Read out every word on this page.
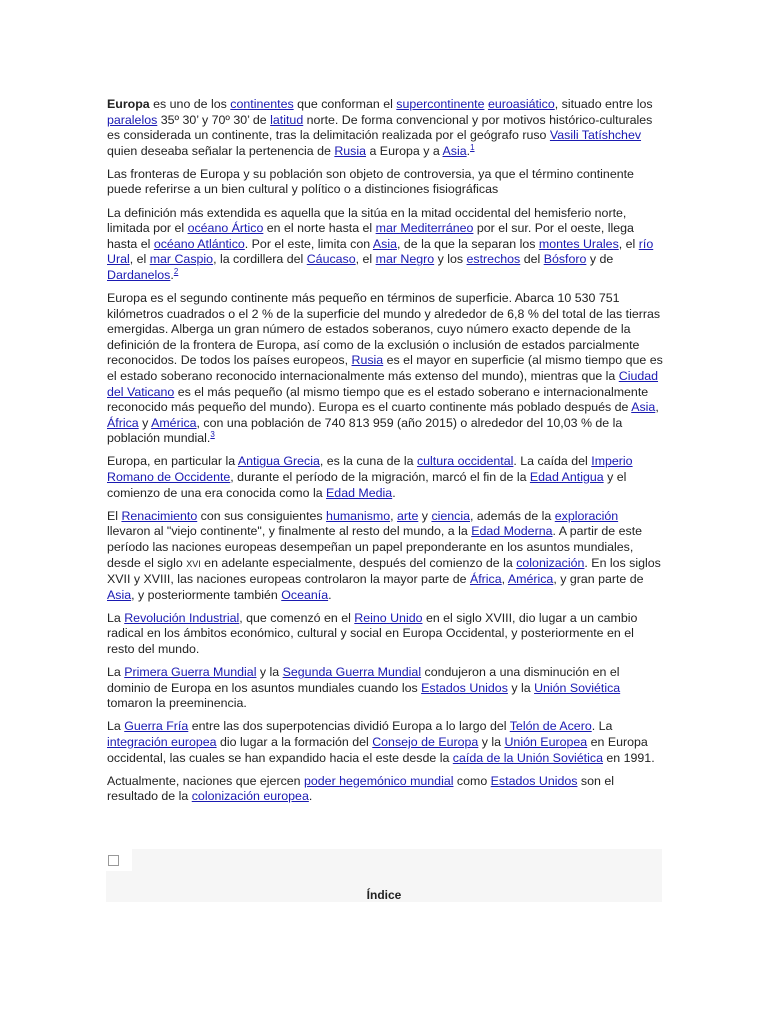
Europa es uno de los continentes que conforman el supercontinente euroasiático, situado entre los paralelos 35º 30’ y 70º 30’ de latitud norte. De forma convencional y por motivos histórico-culturales es considerada un continente, tras la delimitación realizada por el geógrafo ruso Vasili Tatíshchev quien deseaba señalar la pertenencia de Rusia a Europa y a Asia.$^1$

Las fronteras de Europa y su población son objeto de controversia, ya que el término continente puede referirse a un bien cultural y político o a distinciones fisiográficas

La definición más extendida es aquella que la sitúa en la mitad occidental del hemisferio norte, limitada por el océano Ártico en el norte hasta el mar Mediterráneo por el sur. Por el oeste, llega hasta el océano Atlántico. Por el este, limita con Asia, de la que la separan los montes Urales, el río Ural, el mar Caspio, la cordillera del Cáucaso, el mar Negro y los estrechos del Bósforo y de Dardanelos.$^2$

Europa es el segundo continente más pequeño en términos de superficie. Abarca 10 530 751 kilómetros cuadrados o el 2 % de la superficie del mundo y alrededor de 6,8 % del total de las tierras emergidas. Alberga un gran número de estados soberanos, cuyo número exacto depende de la definición de la frontera de Europa, así como de la exclusión o inclusión de estados parcialmente reconocidos. De todos los países europeos, Rusia es el mayor en superficie (al mismo tiempo que es el estado soberano reconocido internacionalmente más extenso del mundo), mientras que la Ciudad del Vaticano es el más pequeño (al mismo tiempo que es el estado soberano e internacionalmente reconocido más pequeño del mundo). Europa es el cuarto continente más poblado después de Asia, África y América, con una población de 740 813 959 (año 2015) o alrededor del 10,03 % de la población mundial.$^3$

Europa, en particular la Antigua Grecia, es la cuna de la cultura occidental. La caída del Imperio Romano de Occidente, durante el período de la migración, marcó el fin de la Edad Antigua y el comienzo de una era conocida como la Edad Media.

El Renacimiento con sus consiguientes humanismo, arte y ciencia, además de la exploración llevaron al "viejo continente", y finalmente al resto del mundo, a la Edad Moderna. A partir de este período las naciones europeas desempeñan un papel preponderante en los asuntos mundiales, desde el siglo XVI en adelante especialmente, después del comienzo de la colonización. En los siglos XVII y XVIII, las naciones europeas controlaron la mayor parte de África, América, y gran parte de Asia, y posteriormente también Oceanía.

La Revolución Industrial, que comenzó en el Reino Unido en el siglo XVIII, dio lugar a un cambio radical en los ámbitos económico, cultural y social en Europa Occidental, y posteriormente en el resto del mundo.

La Primera Guerra Mundial y la Segunda Guerra Mundial condujeron a una disminución en el dominio de Europa en los asuntos mundiales cuando los Estados Unidos y la Unión Soviética tomaron la preeminencia.

La Guerra Fría entre las dos superpotencias dividió Europa a lo largo del Telón de Acero. La integración europea dio lugar a la formación del Consejo de Europa y la Unión Europea en Europa occidental, las cuales se han expandido hacia el este desde la caída de la Unión Soviética en 1991.

Actualmente, naciones que ejercen poder hegemónico mundial como Estados Unidos son el resultado de la colonización europea.

Índice
